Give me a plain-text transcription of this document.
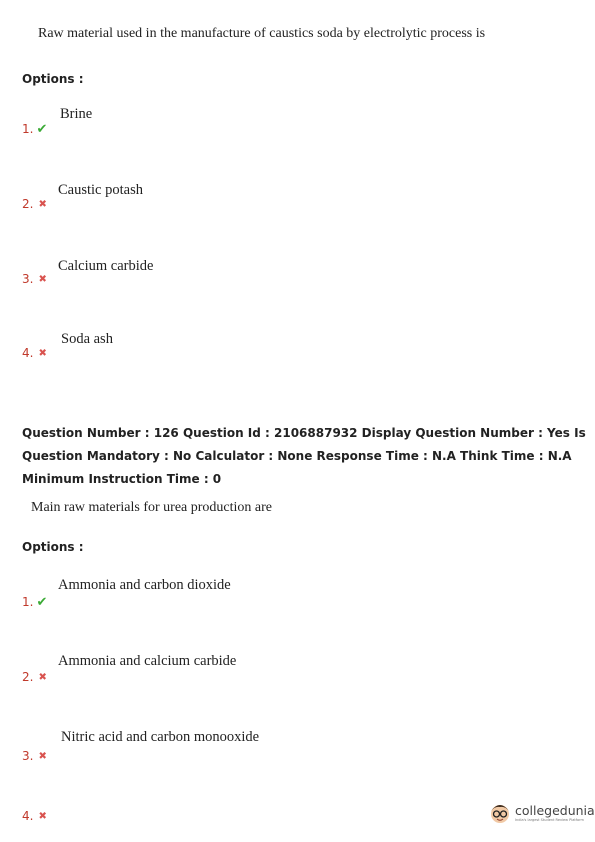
Raw material used in the manufacture of caustics soda by electrolytic process is
Options :
1. ✔
Brine
2. ✖
Caustic potash
3. ✖
Calcium carbide
4. ✖
Soda ash
Question Number : 126 Question Id : 2106887932 Display Question Number : Yes Is Question Mandatory : No Calculator : None Response Time : N.A Think Time : N.A Minimum Instruction Time : 0
Main raw materials for urea production are
Options :
1. ✔
Ammonia and carbon dioxide
2. ✖
Ammonia and calcium carbide
3. ✖
Nitric acid and carbon monooxide
4. ✖	collegedunia
India's largest Student Review Platform
